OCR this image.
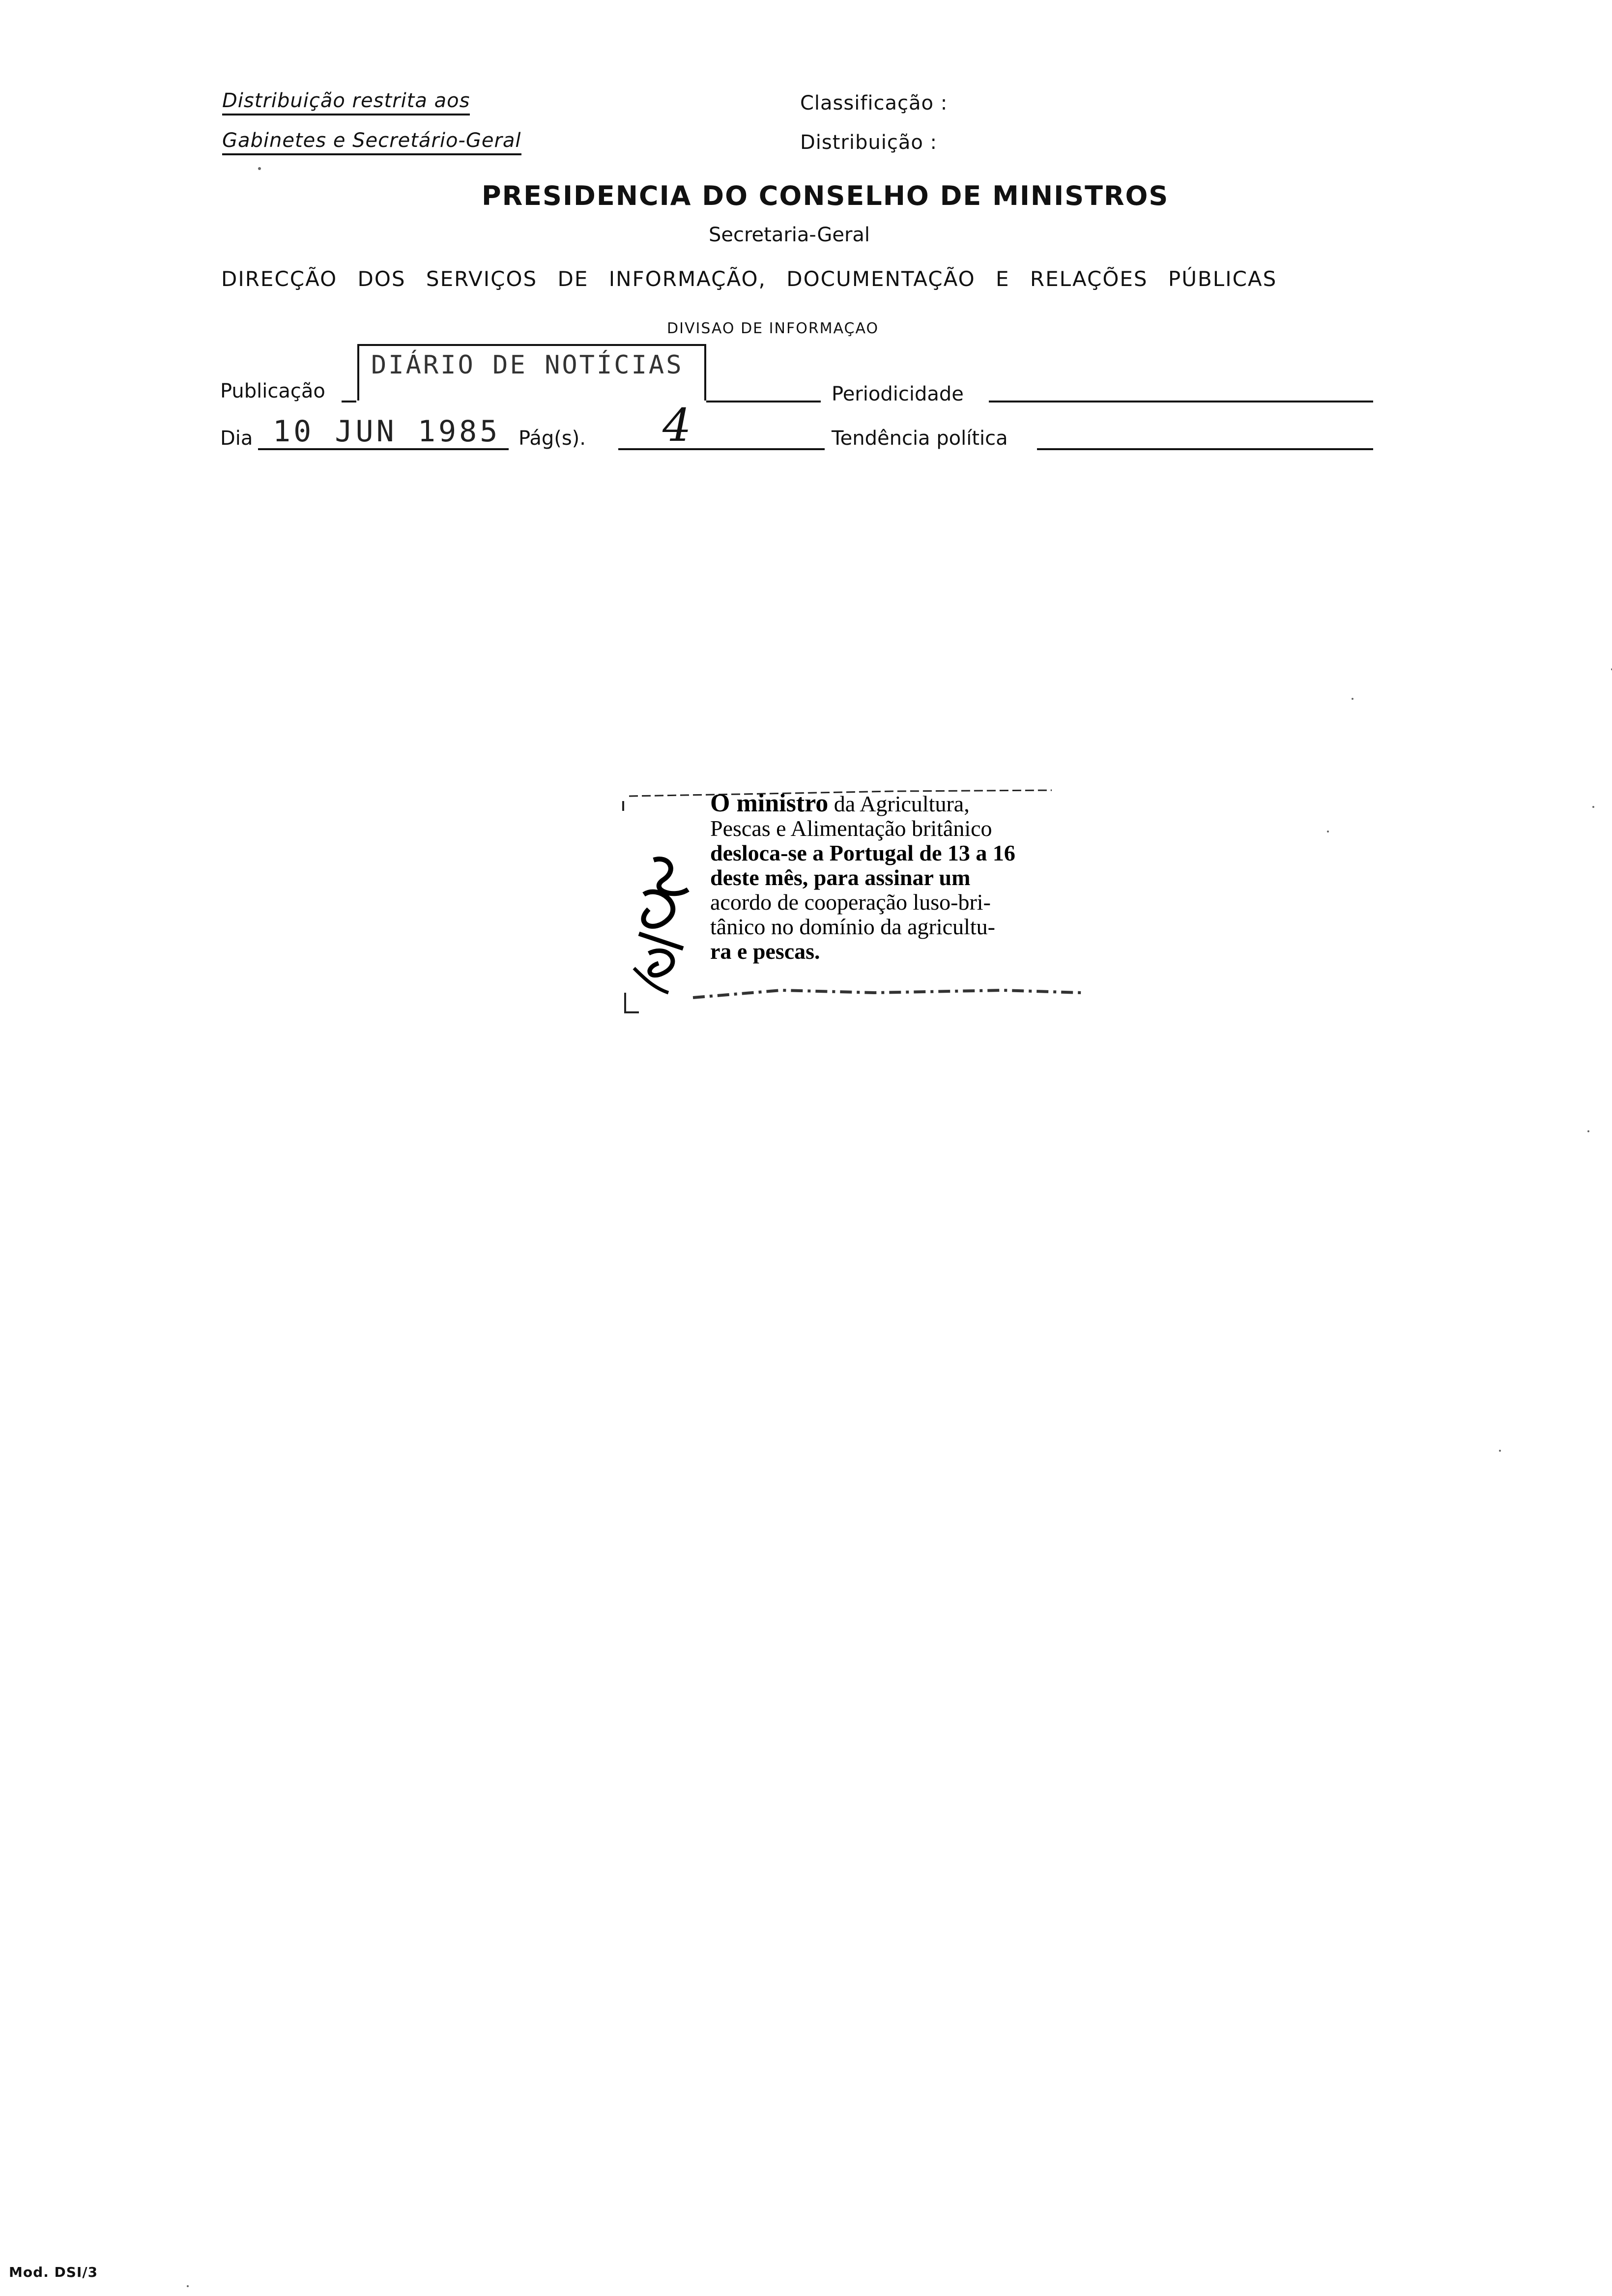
Distribuição restrita aos
Gabinetes e Secretário-Geral
Classificação :
Distribuição :
PRESIDENCIA DO CONSELHO DE MINISTROS
Secretaria-Geral
DIRECÇÃO DOS SERVIÇOS DE INFORMAÇÃO, DOCUMENTAÇÃO E RELAÇÕES PÚBLICAS
DIVISAO DE INFORMAÇAO
Publicação
DIÁRIO DE NOTÍCIAS
Periodicidade
Dia 10 JUN 1985 Pág(s). 4	Tendência política
O ministro da Agricultura,
Pescas e Alimentação britânico
desloca-se a Portugal de 13 a 16
deste mês, para assinar um
acordo de cooperação luso-bri-
tânico no domínio da agricultu-
ra e pescas.
Mod. DSI/3
